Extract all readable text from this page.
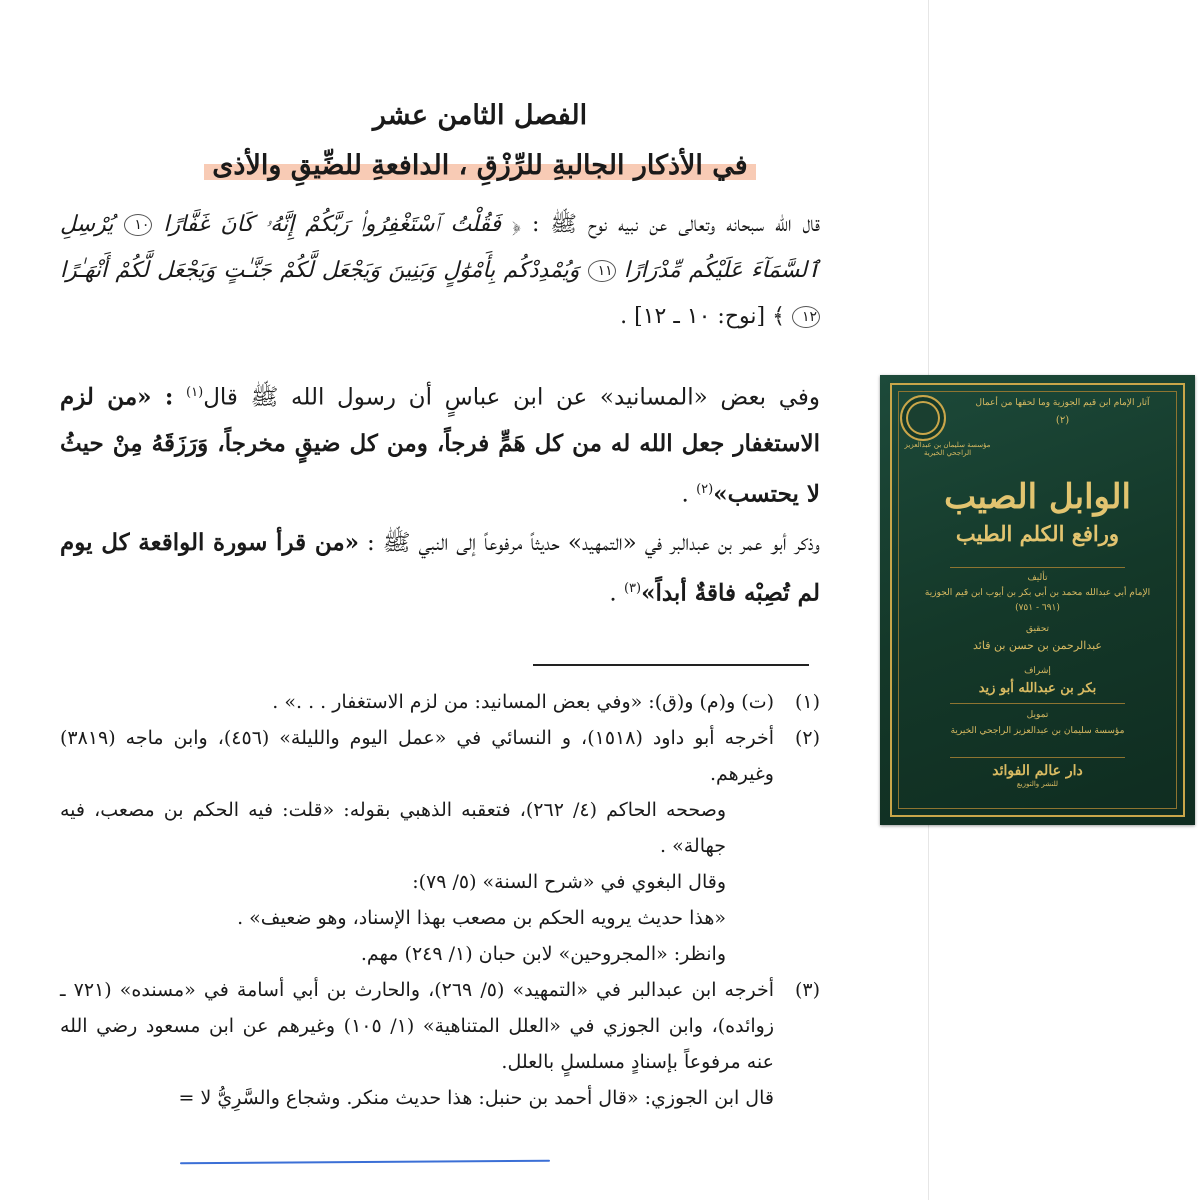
الفصل الثامن عشر
في الأذكار الجالبةِ للرِّزْقِ ، الدافعةِ للضِّيقِ والأذى

قال الله سبحانه وتعالى عن نبيه نوح ﷺ : ﴿ فَقُلْتُ ٱسْتَغْفِرُوا۟ رَبَّكُمْ إِنَّهُۥ كَانَ غَفَّارًا ١٠ يُرْسِلِ ٱلسَّمَآءَ عَلَيْكُم مِّدْرَارًا ١١ وَيُمْدِدْكُم بِأَمْوَٰلٍ وَبَنِينَ وَيَجْعَل لَّكُمْ جَنَّـٰتٍ وَيَجْعَل لَّكُمْ أَنْهَـٰرًا ١٢ ﴾ [نوح: ١٠ ـ ١٢] .

وفي بعض «المسانيد» عن ابن عباسٍ أن رسول الله ﷺ قال$^{(١)}$ : «من لزم الاستغفار جعل الله له من كل هَمٍّ فرجاً، ومن كل ضيقٍ مخرجاً، وَرَزَقَهُ مِنْ حيثُ لا يحتسب»$^{(٢)}$ .

وذكر أبو عمر بن عبدالبر في «التمهيد» حديثاً مرفوعاً إلى النبي ﷺ : «من قرأ سورة الواقعة كل يوم لم تُصِبْه فاقةٌ أبداً»$^{(٣)}$ .

(١)

(ت) و(م) و(ق): «وفي بعض المسانيد: من لزم الاستغفار . . .» .

(٢)

أخرجه أبو داود (١٥١٨)، و النسائي في «عمل اليوم والليلة» (٤٥٦)، وابن ماجه (٣٨١٩) وغيرهم.

وصححه الحاكم (٤/ ٢٦٢)، فتعقبه الذهبي بقوله: «قلت: فيه الحكم بن مصعب، فيه جهالة» .

وقال البغوي في «شرح السنة» (٥/ ٧٩):

«هذا حديث يرويه الحكم بن مصعب بهذا الإسناد، وهو ضعيف» .

وانظر: «المجروحين» لابن حبان (١/ ٢٤٩) مهم.

(٣)

أخرجه ابن عبدالبر في «التمهيد» (٥/ ٢٦٩)، والحارث بن أبي أسامة في «مسنده» (٧٢١ ـ زوائده)، وابن الجوزي في «العلل المتناهية» (١/ ١٠٥) وغيرهم عن ابن مسعود رضي الله عنه مرفوعاً بإسنادٍ مسلسلٍ بالعلل.

قال ابن الجوزي: «قال أحمد بن حنبل: هذا حديث منكر. وشجاع والسَّرِيُّ لا =

آثار الإمام ابن قيم الجوزية وما لحقها من أعمال
(٢)
مؤسسة سليمان بن عبدالعزيز الراجحي الخيرية
الوابل الصيب
ورافع الكلم الطيب
تأليف
الإمام أبي عبدالله محمد بن أبي بكر بن أيوب ابن قيم الجوزية
(٦٩١ - ٧٥١)
تحقيق
عبدالرحمن بن حسن بن قائد
إشراف
بكر بن عبدالله أبو زيد
تمويل
مؤسسة سليمان بن عبدالعزيز الراجحي الخيرية
دار عالم الفوائد
للنشر والتوزيع
